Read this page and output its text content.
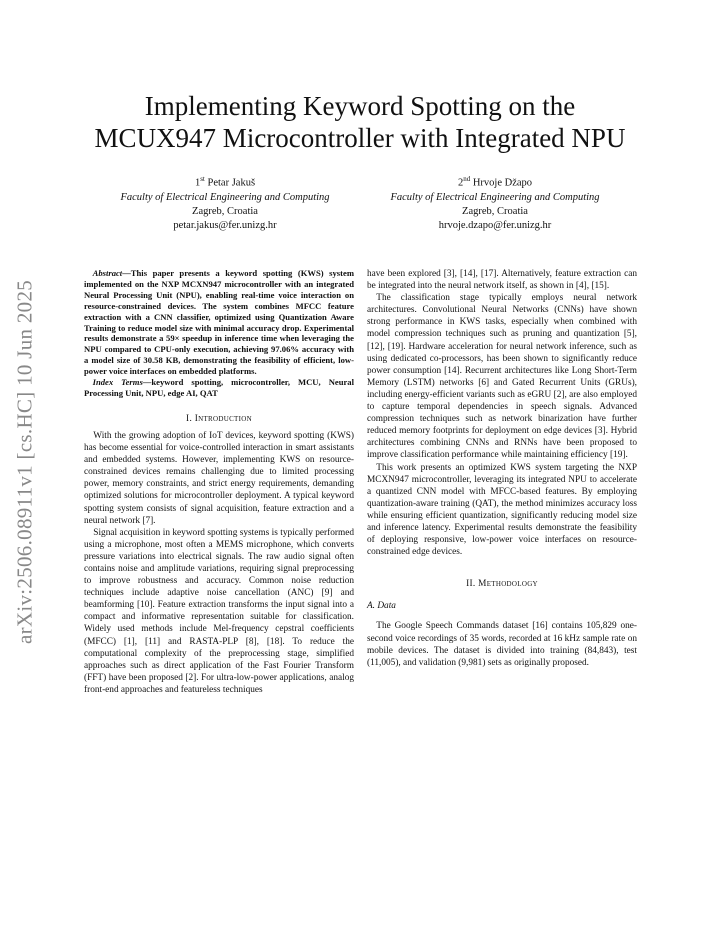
arXiv:2506.08911v1 [cs.HC] 10 Jun 2025
Implementing Keyword Spotting on the
MCUX947 Microcontroller with Integrated NPU
1st Petar Jakuš
Faculty of Electrical Engineering and Computing
Zagreb, Croatia
petar.jakus@fer.unizg.hr
2nd Hrvoje Džapo
Faculty of Electrical Engineering and Computing
Zagreb, Croatia
hrvoje.dzapo@fer.unizg.hr

Abstract—This paper presents a keyword spotting (KWS) system implemented on the NXP MCXN947 microcontroller with an integrated Neural Processing Unit (NPU), enabling real-time voice interaction on resource-constrained devices. The system combines MFCC feature extraction with a CNN classifier, optimized using Quantization Aware Training to reduce model size with minimal accuracy drop. Experimental results demonstrate a 59× speedup in inference time when leveraging the NPU compared to CPU-only execution, achieving 97.06% accuracy with a model size of 30.58 KB, demonstrating the feasibility of efficient, low-power voice interfaces on embedded platforms.

Index Terms—keyword spotting, microcontroller, MCU, Neural Processing Unit, NPU, edge AI, QAT

I. Introduction

With the growing adoption of IoT devices, keyword spotting (KWS) has become essential for voice-controlled interaction in smart assistants and embedded systems. However, implementing KWS on resource-constrained devices remains challenging due to limited processing power, memory constraints, and strict energy requirements, demanding optimized solutions for microcontroller deployment. A typical keyword spotting system consists of signal acquisition, feature extraction and a neural network [7].

Signal acquisition in keyword spotting systems is typically performed using a microphone, most often a MEMS microphone, which converts pressure variations into electrical signals. The raw audio signal often contains noise and amplitude variations, requiring signal preprocessing to improve robustness and accuracy. Common noise reduction techniques include adaptive noise cancellation (ANC) [9] and beamforming [10]. Feature extraction transforms the input signal into a compact and informative representation suitable for classification. Widely used methods include Mel-frequency cepstral coefficients (MFCC) [1], [11] and RASTA-PLP [8], [18]. To reduce the computational complexity of the preprocessing stage, simplified approaches such as direct application of the Fast Fourier Transform (FFT) have been proposed [2]. For ultra-low-power applications, analog front-end approaches and featureless techniques

have been explored [3], [14], [17]. Alternatively, feature extraction can be integrated into the neural network itself, as shown in [4], [15].

The classification stage typically employs neural network architectures. Convolutional Neural Networks (CNNs) have shown strong performance in KWS tasks, especially when combined with model compression techniques such as pruning and quantization [5], [12], [19]. Hardware acceleration for neural network inference, such as using dedicated co-processors, has been shown to significantly reduce power consumption [14]. Recurrent architectures like Long Short-Term Memory (LSTM) networks [6] and Gated Recurrent Units (GRUs), including energy-efficient variants such as eGRU [2], are also employed to capture temporal dependencies in speech signals. Advanced compression techniques such as network binarization have further reduced memory footprints for deployment on edge devices [3]. Hybrid architectures combining CNNs and RNNs have been proposed to improve classification performance while maintaining efficiency [19].

This work presents an optimized KWS system targeting the NXP MCXN947 microcontroller, leveraging its integrated NPU to accelerate a quantized CNN model with MFCC-based features. By employing quantization-aware training (QAT), the method minimizes accuracy loss while ensuring efficient quantization, significantly reducing model size and inference latency. Experimental results demonstrate the feasibility of deploying responsive, low-power voice interfaces on resource-constrained edge devices.

II. Methodology
A. Data

The Google Speech Commands dataset [16] contains 105,829 one-second voice recordings of 35 words, recorded at 16 kHz sample rate on mobile devices. The dataset is divided into training (84,843), test (11,005), and validation (9,981) sets as originally proposed.
